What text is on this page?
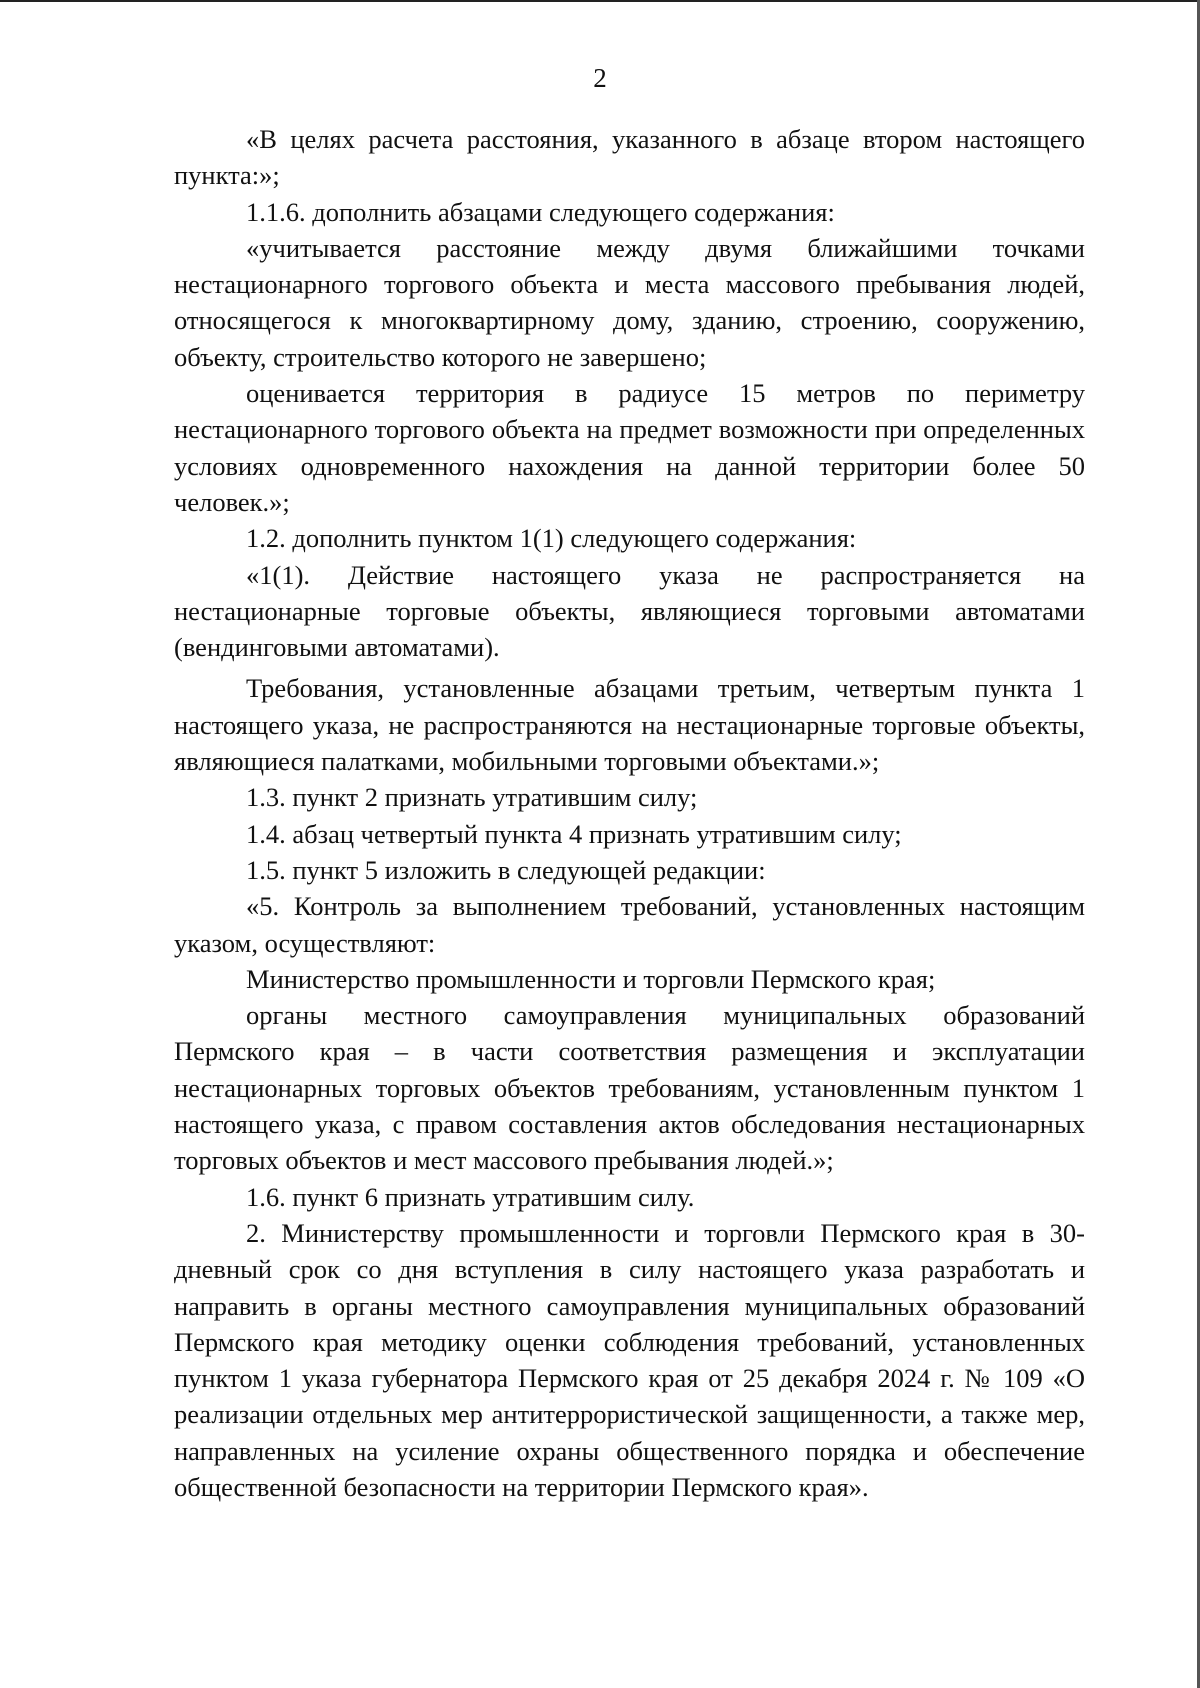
2

«В целях расчета расстояния, указанного в абзаце втором настоящего пункта:»;

1.1.6. дополнить абзацами следующего содержания:

«учитывается расстояние между двумя ближайшими точками нестационарного торгового объекта и места массового пребывания людей, относящегося к многоквартирному дому, зданию, строению, сооружению, объекту, строительство которого не завершено;

оценивается территория в радиусе 15 метров по периметру нестационарного торгового объекта на предмет возможности при определенных условиях одновременного нахождения на данной территории более 50 человек.»;

1.2. дополнить пунктом 1(1) следующего содержания:

«1(1). Действие настоящего указа не распространяется на нестационарные торговые объекты, являющиеся торговыми автоматами (вендинговыми автоматами).

Требования, установленные абзацами третьим, четвертым пункта 1 настоящего указа, не распространяются на нестационарные торговые объекты, являющиеся палатками, мобильными торговыми объектами.»;

1.3. пункт 2 признать утратившим силу;

1.4. абзац четвертый пункта 4 признать утратившим силу;

1.5. пункт 5 изложить в следующей редакции:

«5. Контроль за выполнением требований, установленных настоящим указом, осуществляют:

Министерство промышленности и торговли Пермского края;

органы местного самоуправления муниципальных образований Пермского края – в части соответствия размещения и эксплуатации нестационарных торговых объектов требованиям, установленным пунктом 1 настоящего указа, с правом составления актов обследования нестационарных торговых объектов и мест массового пребывания людей.»;

1.6. пункт 6 признать утратившим силу.

2. Министерству промышленности и торговли Пермского края в 30-дневный срок со дня вступления в силу настоящего указа разработать и направить в органы местного самоуправления муниципальных образований Пермского края методику оценки соблюдения требований, установленных пунктом 1 указа губернатора Пермского края от 25 декабря 2024 г. № 109 «О реализации отдельных мер антитеррористической защищенности, а также мер, направленных на усиление охраны общественного порядка и обеспечение общественной безопасности на территории Пермского края».
